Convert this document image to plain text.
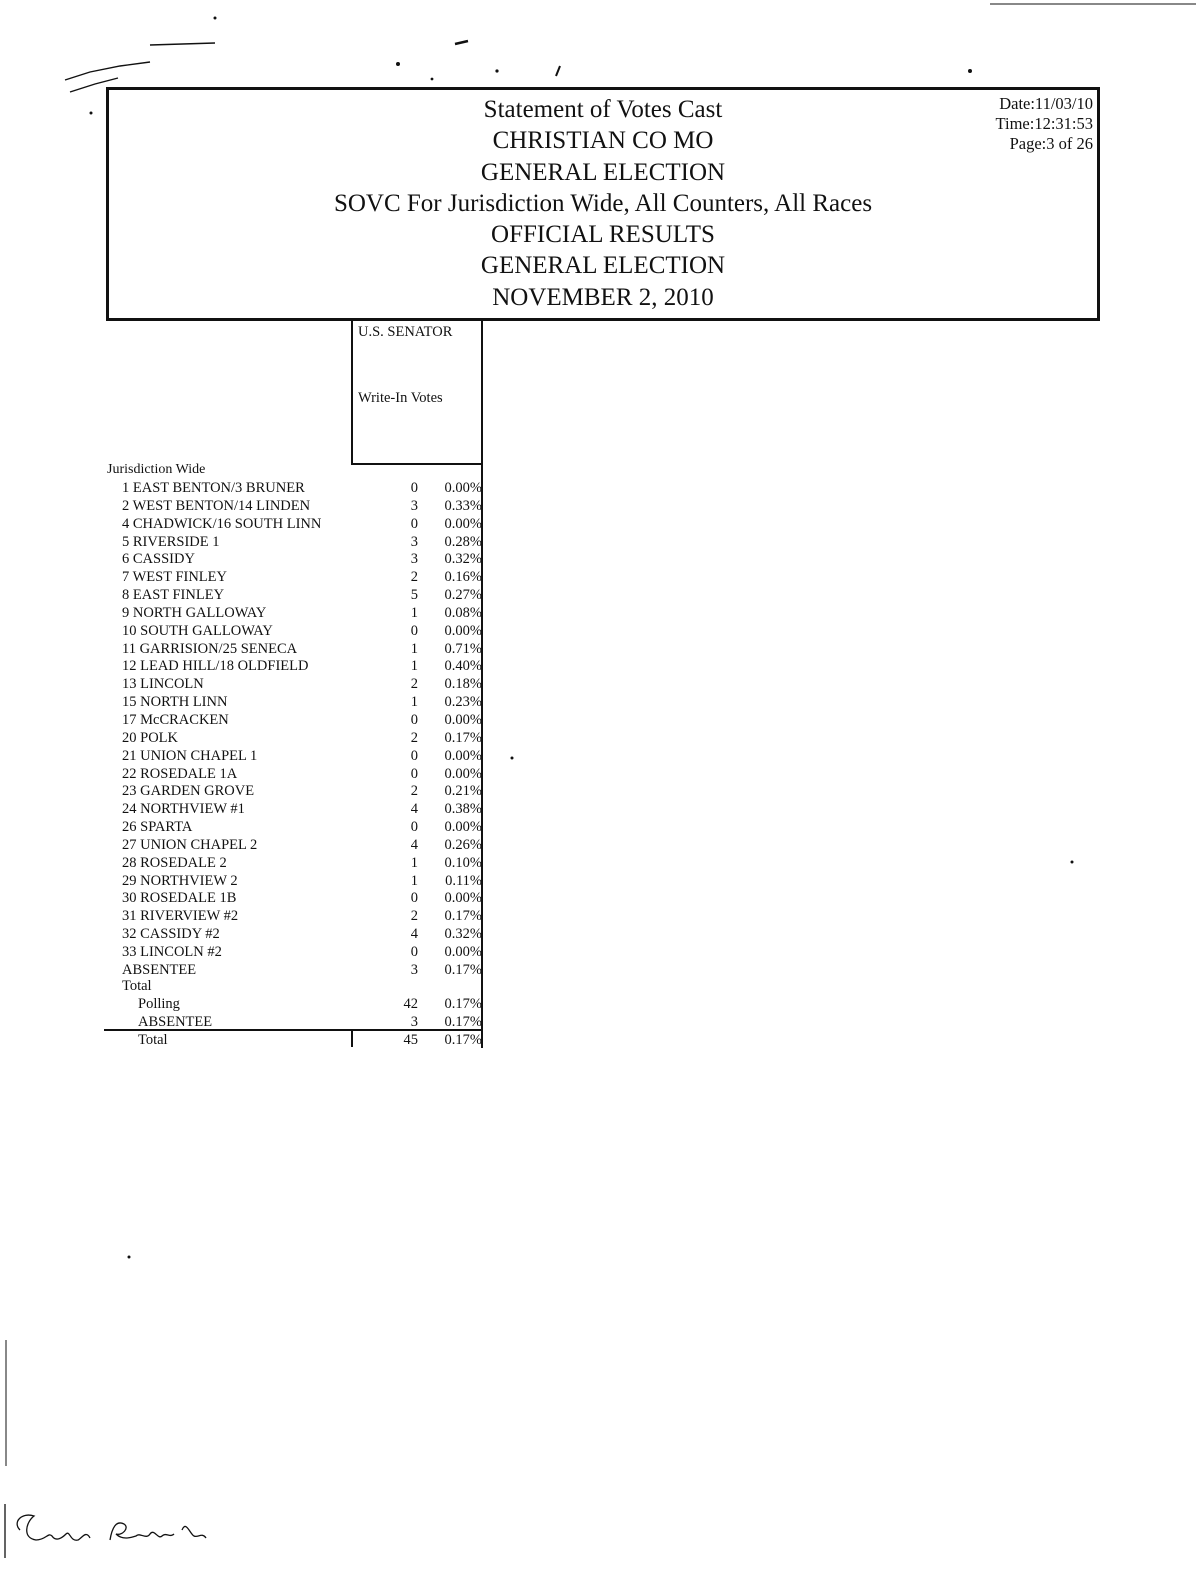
Statement of Votes Cast
CHRISTIAN CO MO
GENERAL ELECTION
SOVC For Jurisdiction Wide, All Counters, All Races
OFFICIAL RESULTS
GENERAL ELECTION
NOVEMBER 2, 2010
Date:11/03/10
Time:12:31:53
Page:3 of 26
U.S. SENATOR
Write-In Votes
Jurisdiction Wide
1 EAST BENTON/3 BRUNER	0 0.00%
2 WEST BENTON/14 LINDEN	3 0.33%
4 CHADWICK/16 SOUTH LINN	0 0.00%
5 RIVERSIDE 1	3 0.28%
6 CASSIDY	3 0.32%
7 WEST FINLEY	2 0.16%
8 EAST FINLEY	5 0.27%
9 NORTH GALLOWAY	1 0.08%
10 SOUTH GALLOWAY	0 0.00%
11 GARRISION/25 SENECA	1 0.71%
12 LEAD HILL/18 OLDFIELD	1 0.40%
13 LINCOLN	2 0.18%
15 NORTH LINN	1 0.23%
17 McCRACKEN	0 0.00%
20 POLK	2 0.17%
21 UNION CHAPEL 1	0 0.00%
22 ROSEDALE 1A	0 0.00%
23 GARDEN GROVE	2 0.21%
24 NORTHVIEW #1	4 0.38%
26 SPARTA	0 0.00%
27 UNION CHAPEL 2	4 0.26%
28 ROSEDALE 2	1 0.10%
29 NORTHVIEW 2	1 0.11%
30 ROSEDALE 1B	0 0.00%
31 RIVERVIEW #2	2 0.17%
32 CASSIDY #2	4 0.32%
33 LINCOLN #2	0 0.00%
ABSENTEE	3 0.17%
Total
Polling	42 0.17%
ABSENTEE	3 0.17%
Total	45 0.17%
